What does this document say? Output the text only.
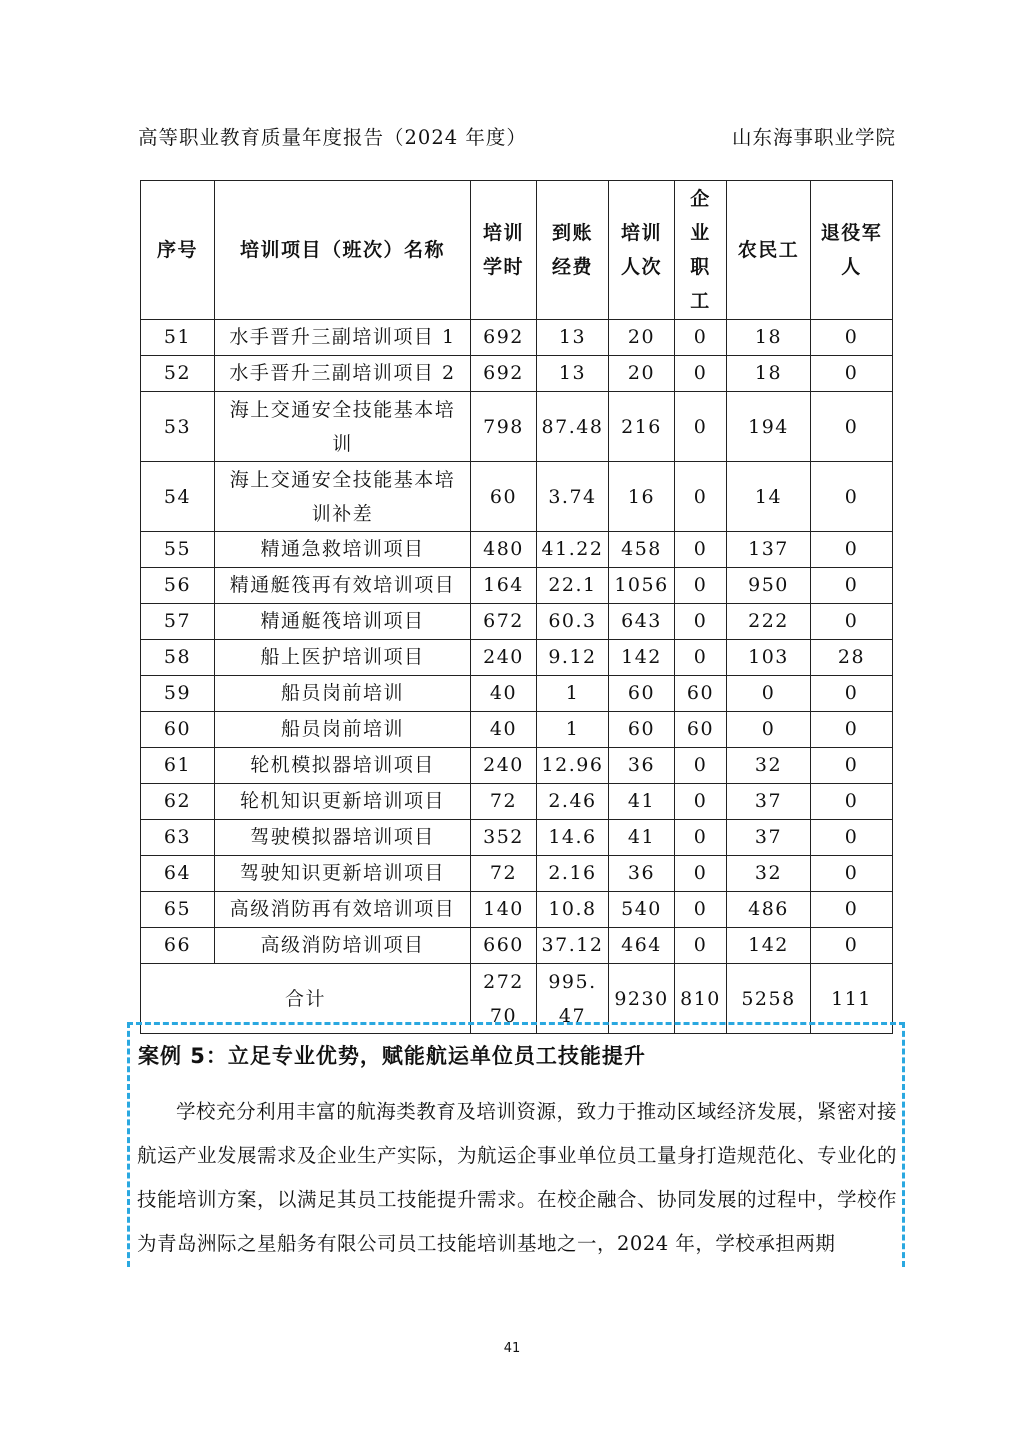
高等职业教育质量年度报告（2024 年度）	山东海事职业学院
序号	培训项目（班次）名称	培训学时	到账经费	培训人次	企业职工	农民工	退役军人
51	水手晋升三副培训项目 1	692	13	20	0	18	0
52	水手晋升三副培训项目 2	692	13	20	0	18	0
53	海上交通安全技能基本培训	798	87.48	216	0	194	0
54	海上交通安全技能基本培训补差	60	3.74	16	0	14	0
55	精通急救培训项目	480	41.22	458	0	137	0
56	精通艇筏再有效培训项目	164	22.1	1056	0	950	0
57	精通艇筏培训项目	672	60.3	643	0	222	0
58	船上医护培训项目	240	9.12	142	0	103	28
59	船员岗前培训	40	1	60	60	0	0
60	船员岗前培训	40	1	60	60	0	0
61	轮机模拟器培训项目	240	12.96	36	0	32	0
62	轮机知识更新培训项目	72	2.46	41	0	37	0
63	驾驶模拟器培训项目	352	14.6	41	0	37	0
64	驾驶知识更新培训项目	72	2.16	36	0	32	0
65	高级消防再有效培训项目	140	10.8	540	0	486	0
66	高级消防培训项目	660	37.12	464	0	142	0
合计		27270	995.47	9230	810	5258	111
案例 5：立足专业优势，赋能航运单位员工技能提升
学校充分利用丰富的航海类教育及培训资源，致力于推动区域经济发展，紧密对接航运产业发展需求及企业生产实际，为航运企事业单位员工量身打造规范化、专业化的技能培训方案，以满足其员工技能提升需求。在校企融合、协同发展的过程中，学校作为青岛洲际之星船务有限公司员工技能培训基地之一，2024 年，学校承担两期
41
